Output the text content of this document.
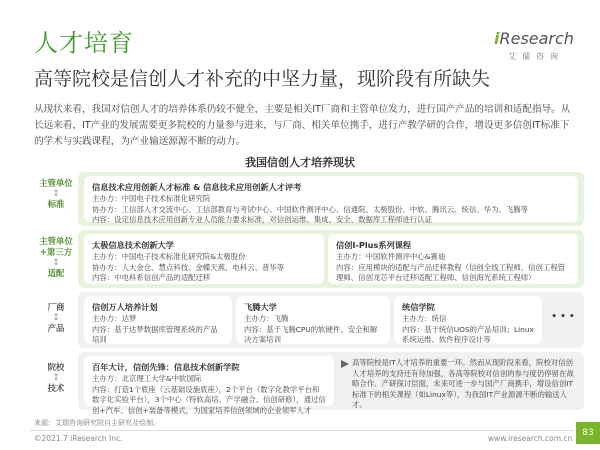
人才培育	iResearch
艾瑞咨询
高等院校是信创人才补充的中坚力量，现阶段有所缺失
从现状来看，我国对信创人才的培养体系仍较不健全，主要是相关IT厂商和主管单位发力，进行国产产品的培训和适配指导。从长远来看，IT产业的发展需要更多院校的力量参与进来，与厂商、相关单位携手，进行产教学研的合作，增设更多信创IT标准下的学术与实践课程，为产业输送源源不断的动力。
我国信创人才培养现状
主管单位
↕
标准
信息技术应用创新人才标准 & 信息技术应用创新人才评考
主办方：中国电子技术标准化研究院
协办方：工信部人才交流中心、工信部教育与考试中心、中国软件测评中心、信通院、太极股份、中软、腾讯云、统信、华为、飞腾等
内容：设定信息技术应用创新专业人员能力要求标准，对信创运维、集成、安全、数据库工程师进行认证
主管单位
+第三方
↕
适配
太极信息技术创新大学
主办方：中国电子技术标准化研究院&太极股份
协办方：人大金仓、慧点科技、金蝶天燕、电科云、普华等
内容：中电科系信创产品的适配迁移
信创I-Plus系列课程
主办方：中国软件测评中心&赛迪
内容：应用模块的适配与产品迁移教程（信创全线工程师、信创工程管理师、信创龙芯平台迁移适配工程师、信创海光系统工程师）
厂商
↕
产品
信创万人培养计划
主办方：达梦
内容：基于达梦数据库管理系统的产品培训
飞腾大学
主办方：飞腾
内容：基于飞腾CPU的软硬件、安全和解决方案培训
统信学院
主办方：统信
内容：基于统信UOS的产品培训；Linux系统运维、软件程序设计等
• • •
院校
↕
技术
百年大计，信创先锋：信息技术创新学院
主办方：北京理工大学&中软国际
内容：打造1个底座（云基础设施底座），2个平台（数字化教学平台和数字化实验平台），3个中心（特软高培、产学融合、信创研修），通过信创+汽车、信创+装备等模式，为国家培养信创领域的企业领军人才
高等院校是IT人才培养的重要一环。然而从现阶段来看，院校对信创人才培养的支持还有待加强，各高等院校对信创的参与度仍停留在战略合作、产研探讨层面，未来可进一步与国产厂商携手，增设信创IT标准下的相关课程（如Linux等），为我国IT产业源源不断的输送人才。
来源：艾瑞咨询研究院自主研究及绘制。
©2021.7 iResearch Inc.	www.iresearch.com.cn
83
